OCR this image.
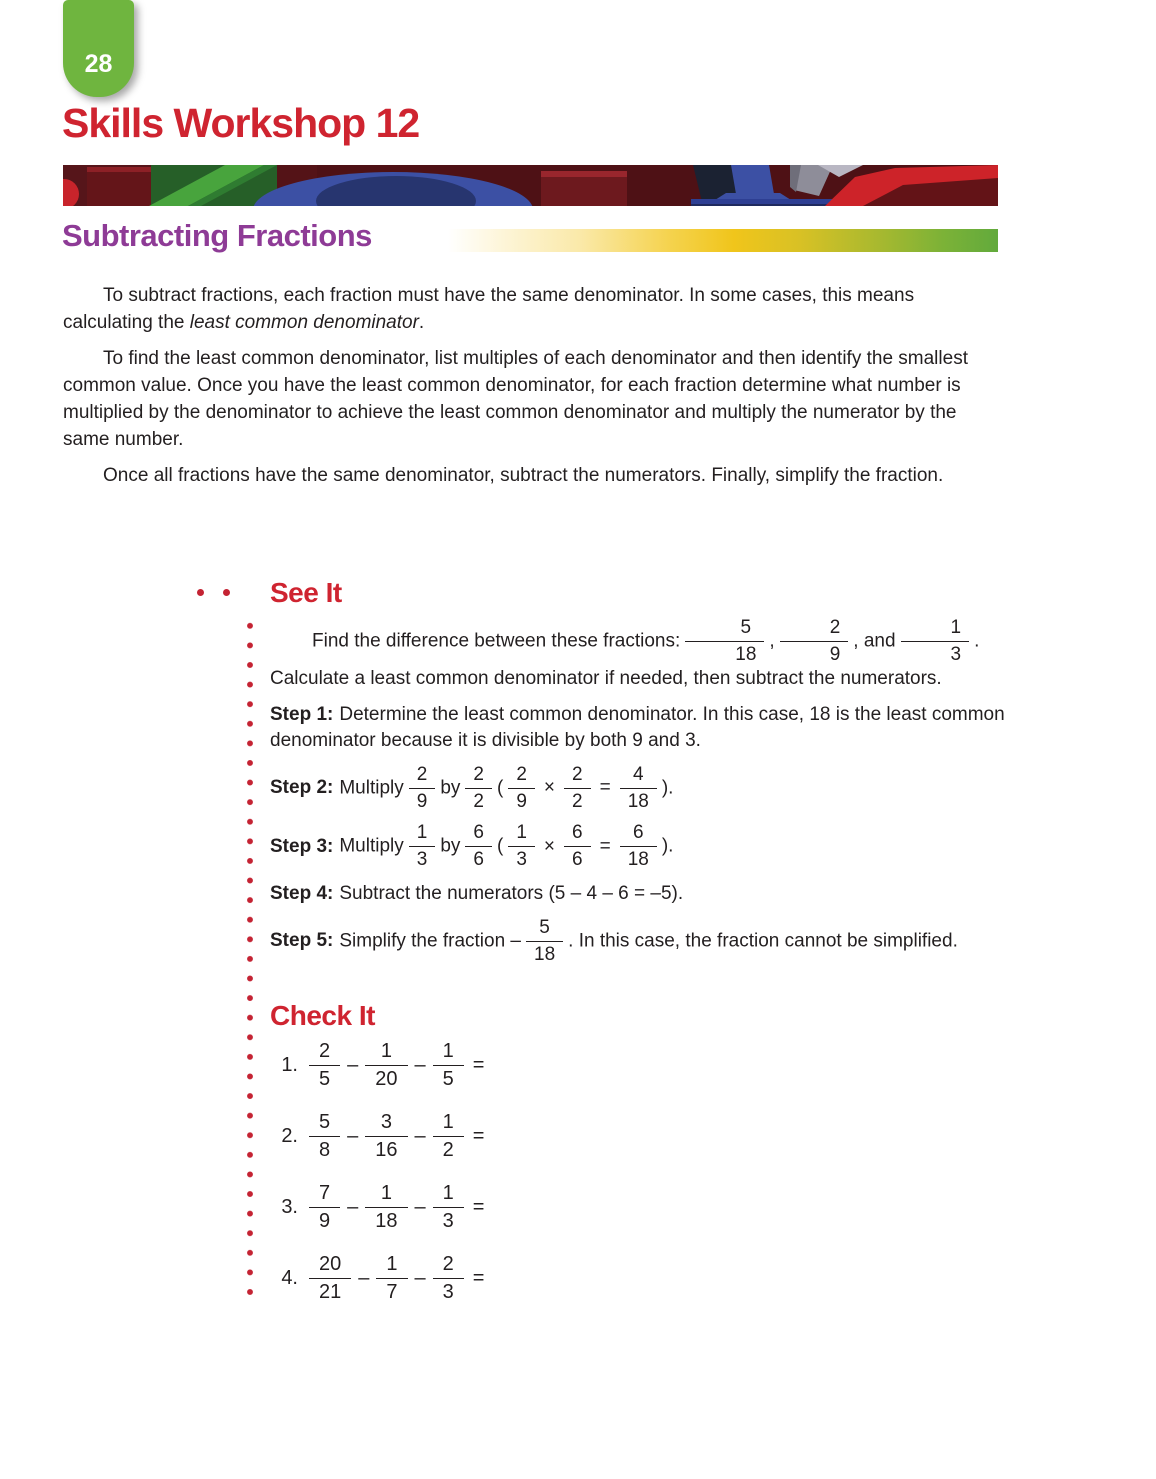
28
Skills Workshop 12
Subtracting Fractions

To subtract fractions, each fraction must have the same denominator. In some cases, this means calculating the least common denominator.

To find the least common denominator, list multiples of each denominator and then identify the smallest common value. Once you have the least common denominator, for each fraction determine what number is multiplied by the denominator to achieve the least common denominator and multiply the numerator by the same number.

Once all fractions have the same denominator, subtract the numerators. Finally, simplify the fraction.

See It

Find the difference between these fractions: $\frac{5}{18}$ , $\frac{2}{9}$ , and $\frac{1}{3}$ . Calculate a least common denominator if needed, then subtract the numerators.

Step 1: Determine the least common denominator. In this case, 18 is the least common denominator because it is divisible by both 9 and 3.

Step 2: Multiply $\frac{2}{9}$ by $\frac{2}{2}$ ( $\frac{2}{9} \times \frac{2}{2} = \frac{4}{18}$ ).

Step 3: Multiply $\frac{1}{3}$ by $\frac{6}{6}$ ( $\frac{1}{3} \times \frac{6}{6} = \frac{6}{18}$ ).

Step 4: Subtract the numerators (5 – 4 – 6 = –5).

Step 5: Simplify the fraction – $\frac{5}{18}$ . In this case, the fraction cannot be simplified.

Check It
1. $\frac{2}{5} - \frac{1}{20} - \frac{1}{5}$ =
2. $\frac{5}{8} - \frac{3}{16} - \frac{1}{2}$ =
3. $\frac{7}{9} - \frac{1}{18} - \frac{1}{3}$ =
4. $\frac{20}{21} - \frac{1}{7} - \frac{2}{3}$ =
